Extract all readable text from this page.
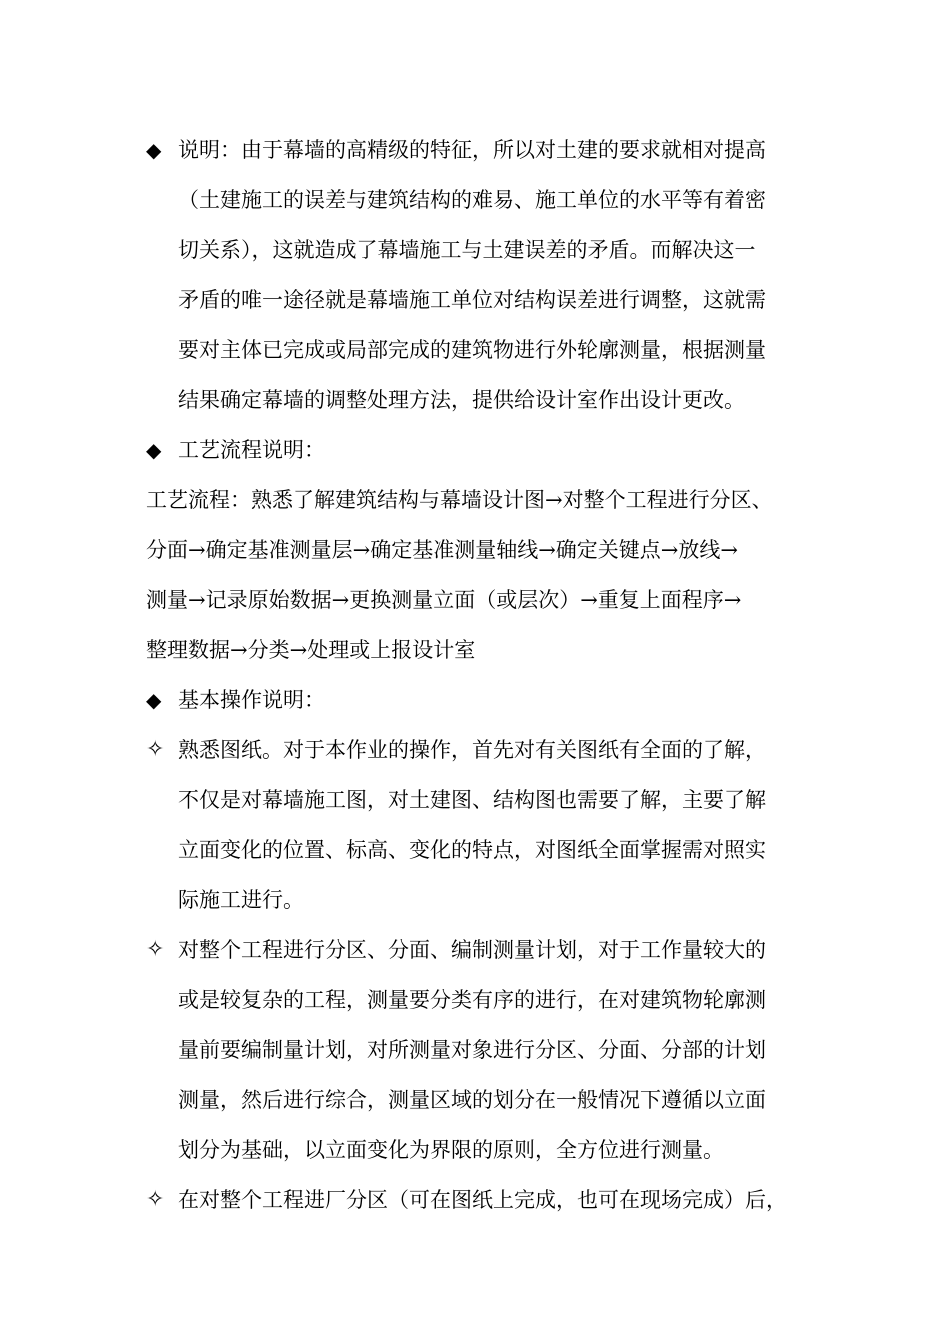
◆ 说明：由于幕墙的高精级的特征，所以对土建的要求就相对提高
（土建施工的误差与建筑结构的难易、施工单位的水平等有着密
切关系），这就造成了幕墙施工与土建误差的矛盾。而解决这一
矛盾的唯一途径就是幕墙施工单位对结构误差进行调整，这就需
要对主体已完成或局部完成的建筑物进行外轮廓测量，根据测量
结果确定幕墙的调整处理方法，提供给设计室作出设计更改。
◆ 工艺流程说明：
工艺流程：熟悉了解建筑结构与幕墙设计图→对整个工程进行分区、
分面→确定基准测量层→确定基准测量轴线→确定关键点→放线→
测量→记录原始数据→更换测量立面（或层次）→重复上面程序→
整理数据→分类→处理或上报设计室
◆ 基本操作说明：
✧ 熟悉图纸。对于本作业的操作，首先对有关图纸有全面的了解，
不仅是对幕墙施工图，对土建图、结构图也需要了解，主要了解
立面变化的位置、标高、变化的特点，对图纸全面掌握需对照实
际施工进行。
✧ 对整个工程进行分区、分面、编制测量计划，对于工作量较大的
或是较复杂的工程，测量要分类有序的进行，在对建筑物轮廓测
量前要编制量计划，对所测量对象进行分区、分面、分部的计划
测量，然后进行综合，测量区域的划分在一般情况下遵循以立面
划分为基础，以立面变化为界限的原则，全方位进行测量。
✧ 在对整个工程进厂分区（可在图纸上完成，也可在现场完成）后，
